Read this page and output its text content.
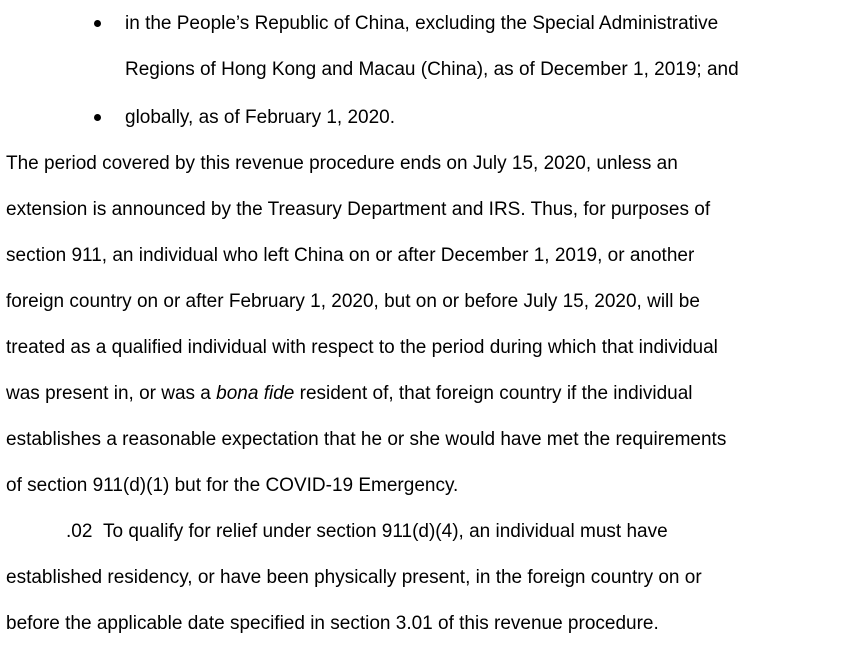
in the People’s Republic of China, excluding the Special Administrative
Regions of Hong Kong and Macau (China), as of December 1, 2019; and
globally, as of February 1, 2020.
The period covered by this revenue procedure ends on July 15, 2020, unless an
extension is announced by the Treasury Department and IRS. Thus, for purposes of
section 911, an individual who left China on or after December 1, 2019, or another
foreign country on or after February 1, 2020, but on or before July 15, 2020, will be
treated as a qualified individual with respect to the period during which that individual
was present in, or was a bona fide resident of, that foreign country if the individual
establishes a reasonable expectation that he or she would have met the requirements
of section 911(d)(1) but for the COVID-19 Emergency.
.02 To qualify for relief under section 911(d)(4), an individual must have
established residency, or have been physically present, in the foreign country on or
before the applicable date specified in section 3.01 of this revenue procedure.
